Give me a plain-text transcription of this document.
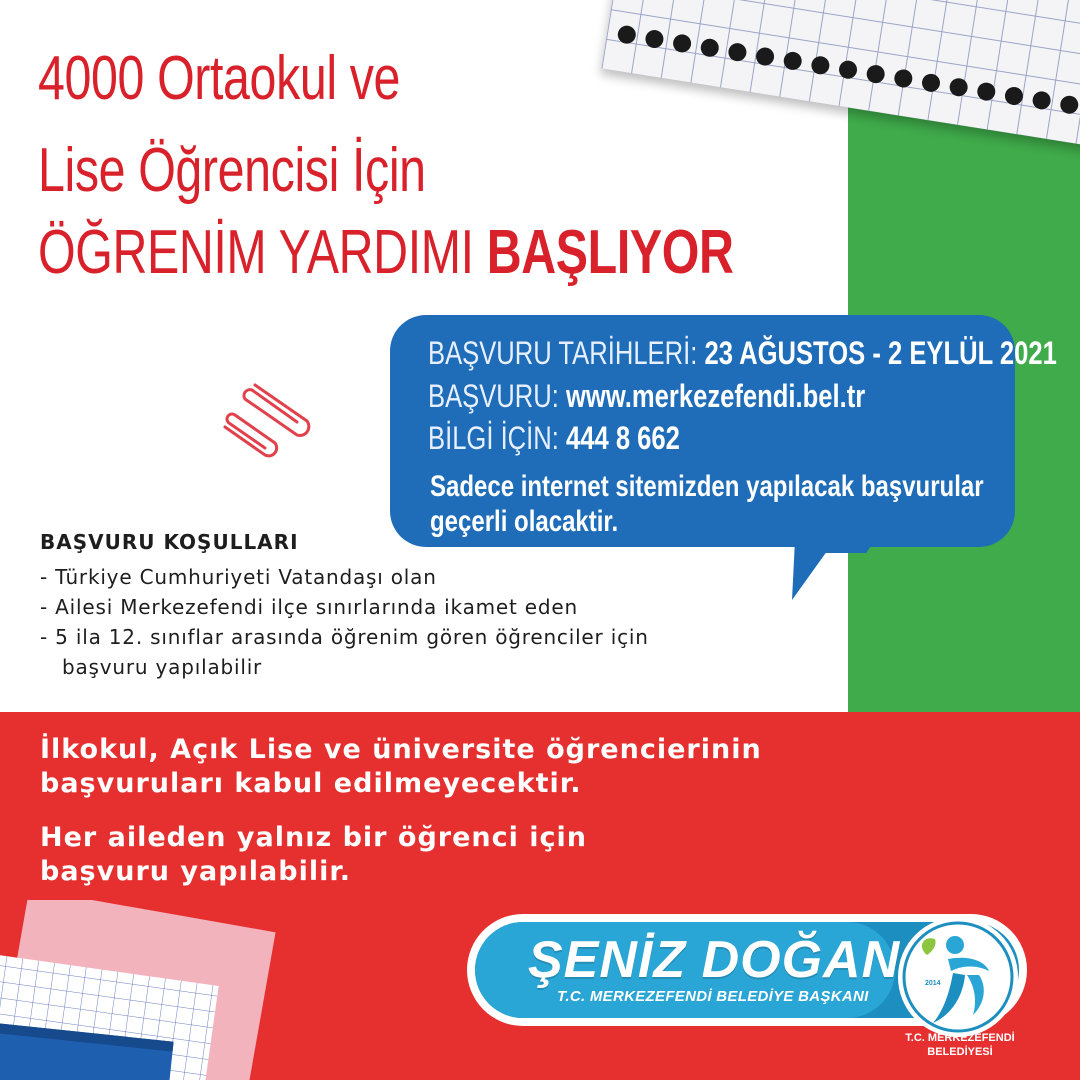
4000 Ortaokul ve
Lise Öğrencisi İçin
ÖĞRENİM YARDIMI BAŞLIYOR
BAŞVURU TARİHLERİ: 23 AĞUSTOS - 2 EYLÜL 2021
BAŞVURU: www.merkezefendi.bel.tr
BİLGİ İÇİN: 444 8 662
Sadece internet sitemizden yapılacak başvurular
geçerli olacaktir.
BAŞVURU KOŞULLARI
- Türkiye Cumhuriyeti Vatandaşı olan
- Ailesi Merkezefendi ilçe sınırlarında ikamet eden
- 5 ila 12. sınıflar arasında öğrenim gören öğrenciler için
başvuru yapılabilir

İlkokul, Açık Lise ve üniversite öğrencierinin
başvuruları kabul edilmeyecektir.

Her aileden yalnız bir öğrenci için
başvuru yapılabilir.

ŞENİZ DOĞAN
T.C. MERKEZEFENDİ BELEDİYE BAŞKANI
2014
T.C. MERKEZEFENDİ
BELEDİYESİ
